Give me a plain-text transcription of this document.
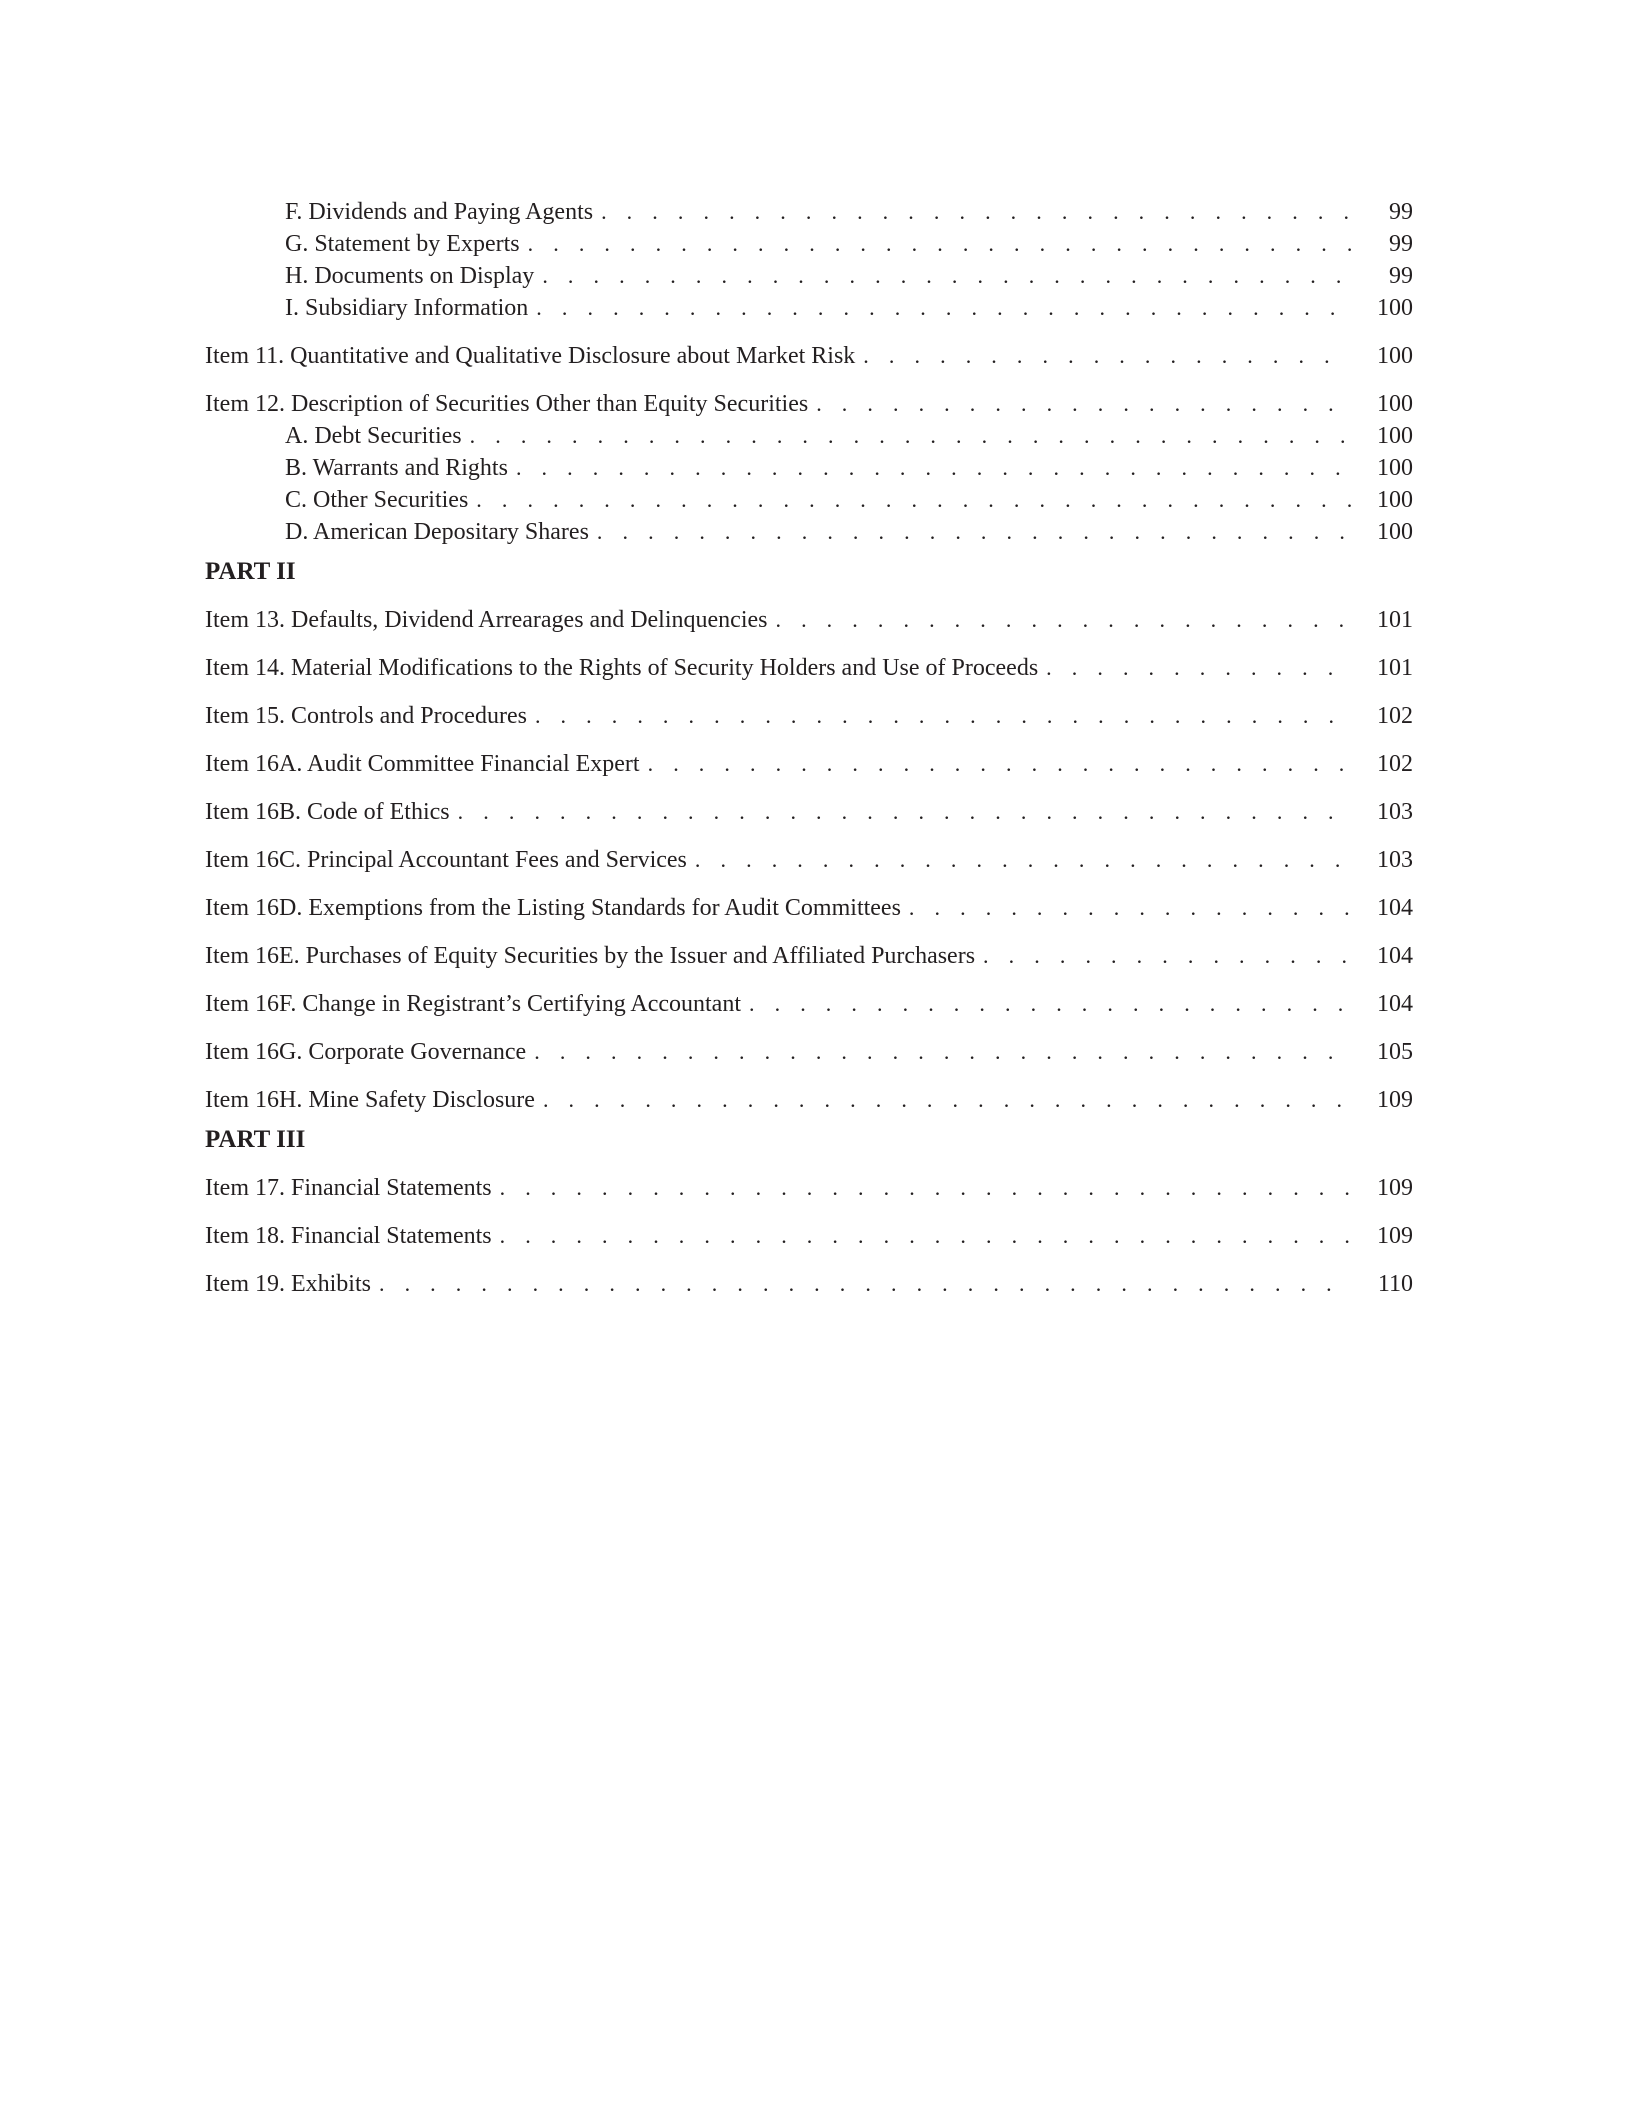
F. Dividends and Paying Agents . . .	99
G. Statement by Experts . . .	99
H. Documents on Display . . .	99
I. Subsidiary Information . . .	100
Item 11. Quantitative and Qualitative Disclosure about Market Risk . . .	100
Item 12. Description of Securities Other than Equity Securities . . .	100
A. Debt Securities . . .	100
B. Warrants and Rights . . .	100
C. Other Securities . . .	100
D. American Depositary Shares . . .	100
PART II
Item 13. Defaults, Dividend Arrearages and Delinquencies . . .	101
Item 14. Material Modifications to the Rights of Security Holders and Use of Proceeds . . .	101
Item 15. Controls and Procedures . . .	102
Item 16A. Audit Committee Financial Expert . . .	102
Item 16B. Code of Ethics . . .	103
Item 16C. Principal Accountant Fees and Services . . .	103
Item 16D. Exemptions from the Listing Standards for Audit Committees . . .	104
Item 16E. Purchases of Equity Securities by the Issuer and Affiliated Purchasers . . .	104
Item 16F. Change in Registrant’s Certifying Accountant . . .	104
Item 16G. Corporate Governance . . .	105
Item 16H. Mine Safety Disclosure . . .	109
PART III
Item 17. Financial Statements . . .	109
Item 18. Financial Statements . . .	109
Item 19. Exhibits . . .	110
